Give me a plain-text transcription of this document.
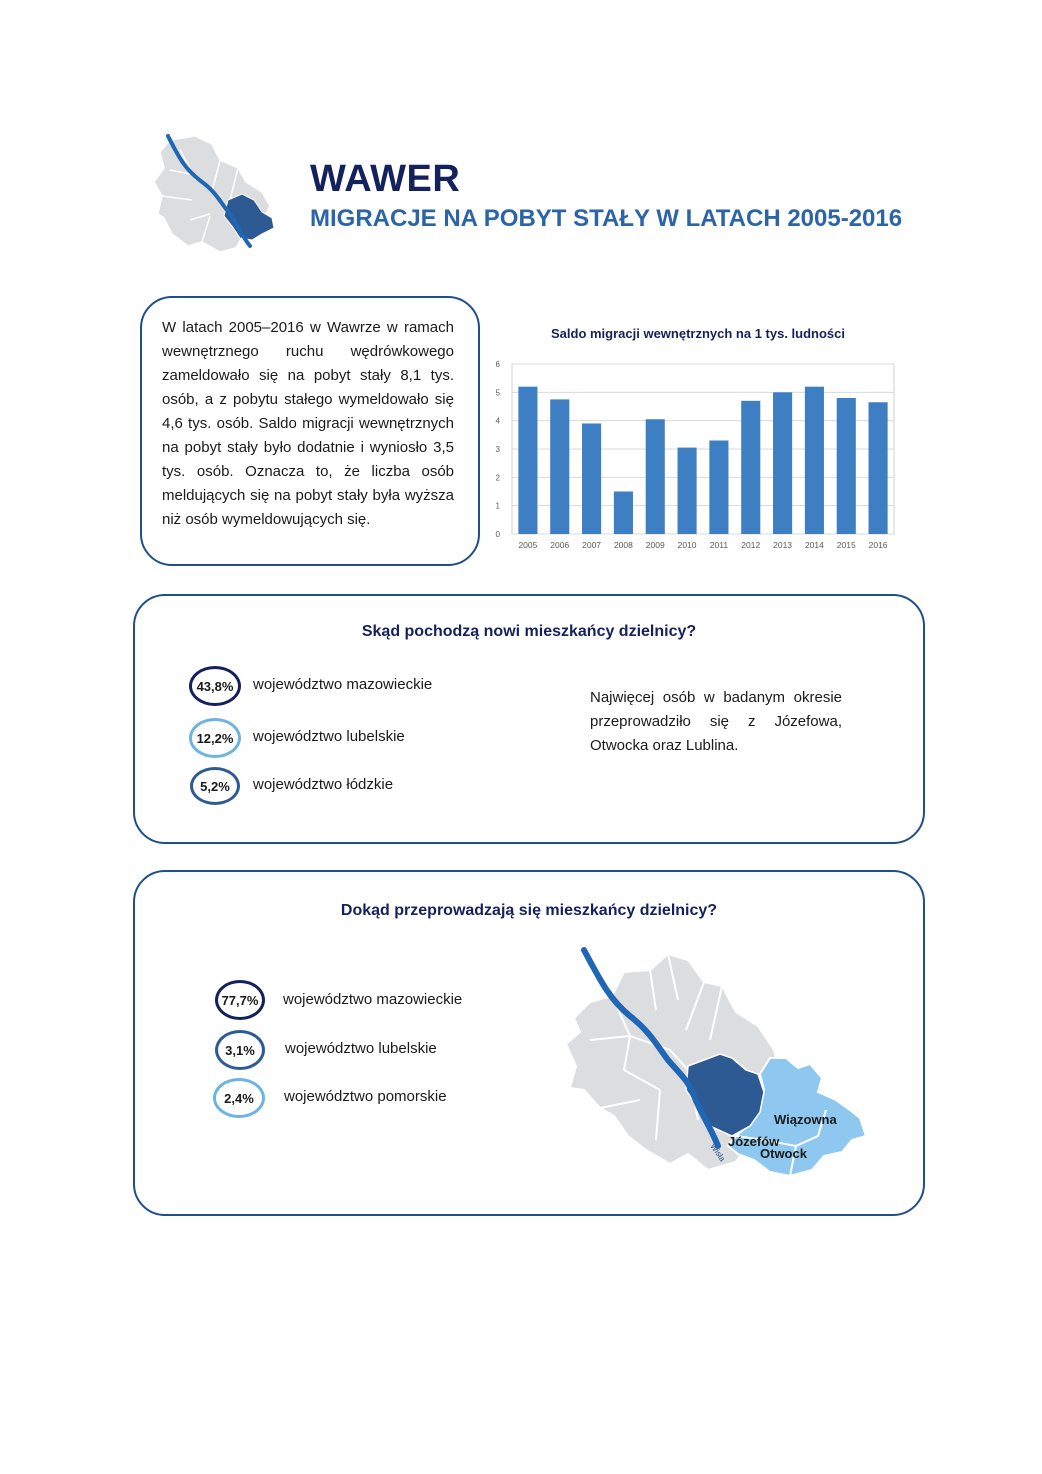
WAWER
MIGRACJE NA POBYT STAŁY W LATACH 2005-2016
W latach 2005–2016 w Wawrze w ramach wewnętrznego ruchu wędrówkowego zameldowało się na pobyt stały 8,1 tys. osób, a z pobytu stałego wymeldowało się 4,6 tys. osób. Saldo migracji wewnętrznych na pobyt stały było dodatnie i wyniosło 3,5 tys. osób. Oznacza to, że liczba osób meldujących się na pobyt stały była wyższa niż osób wymeldowujących się.
Saldo migracji wewnętrznych na 1 tys. ludności
0
1
2
3
4
5
6
2005 2006 2007 2008 2009 2010 2011 2012 2013 2014 2015 2016
Skąd pochodzą nowi mieszkańcy dzielnicy?
43,8%	województwo mazowieckie
12,2%	województwo lubelskie
5,2%	województwo łódzkie
Najwięcej osób w badanym okresie przeprowadziło się z Józefowa, Otwocka oraz Lublina.
Dokąd przeprowadzają się mieszkańcy dzielnicy?
77,7%	województwo mazowieckie
3,1%	województwo lubelskie
2,4%	województwo pomorskie
Wiązowna
Józefów
Otwock
Wisła
